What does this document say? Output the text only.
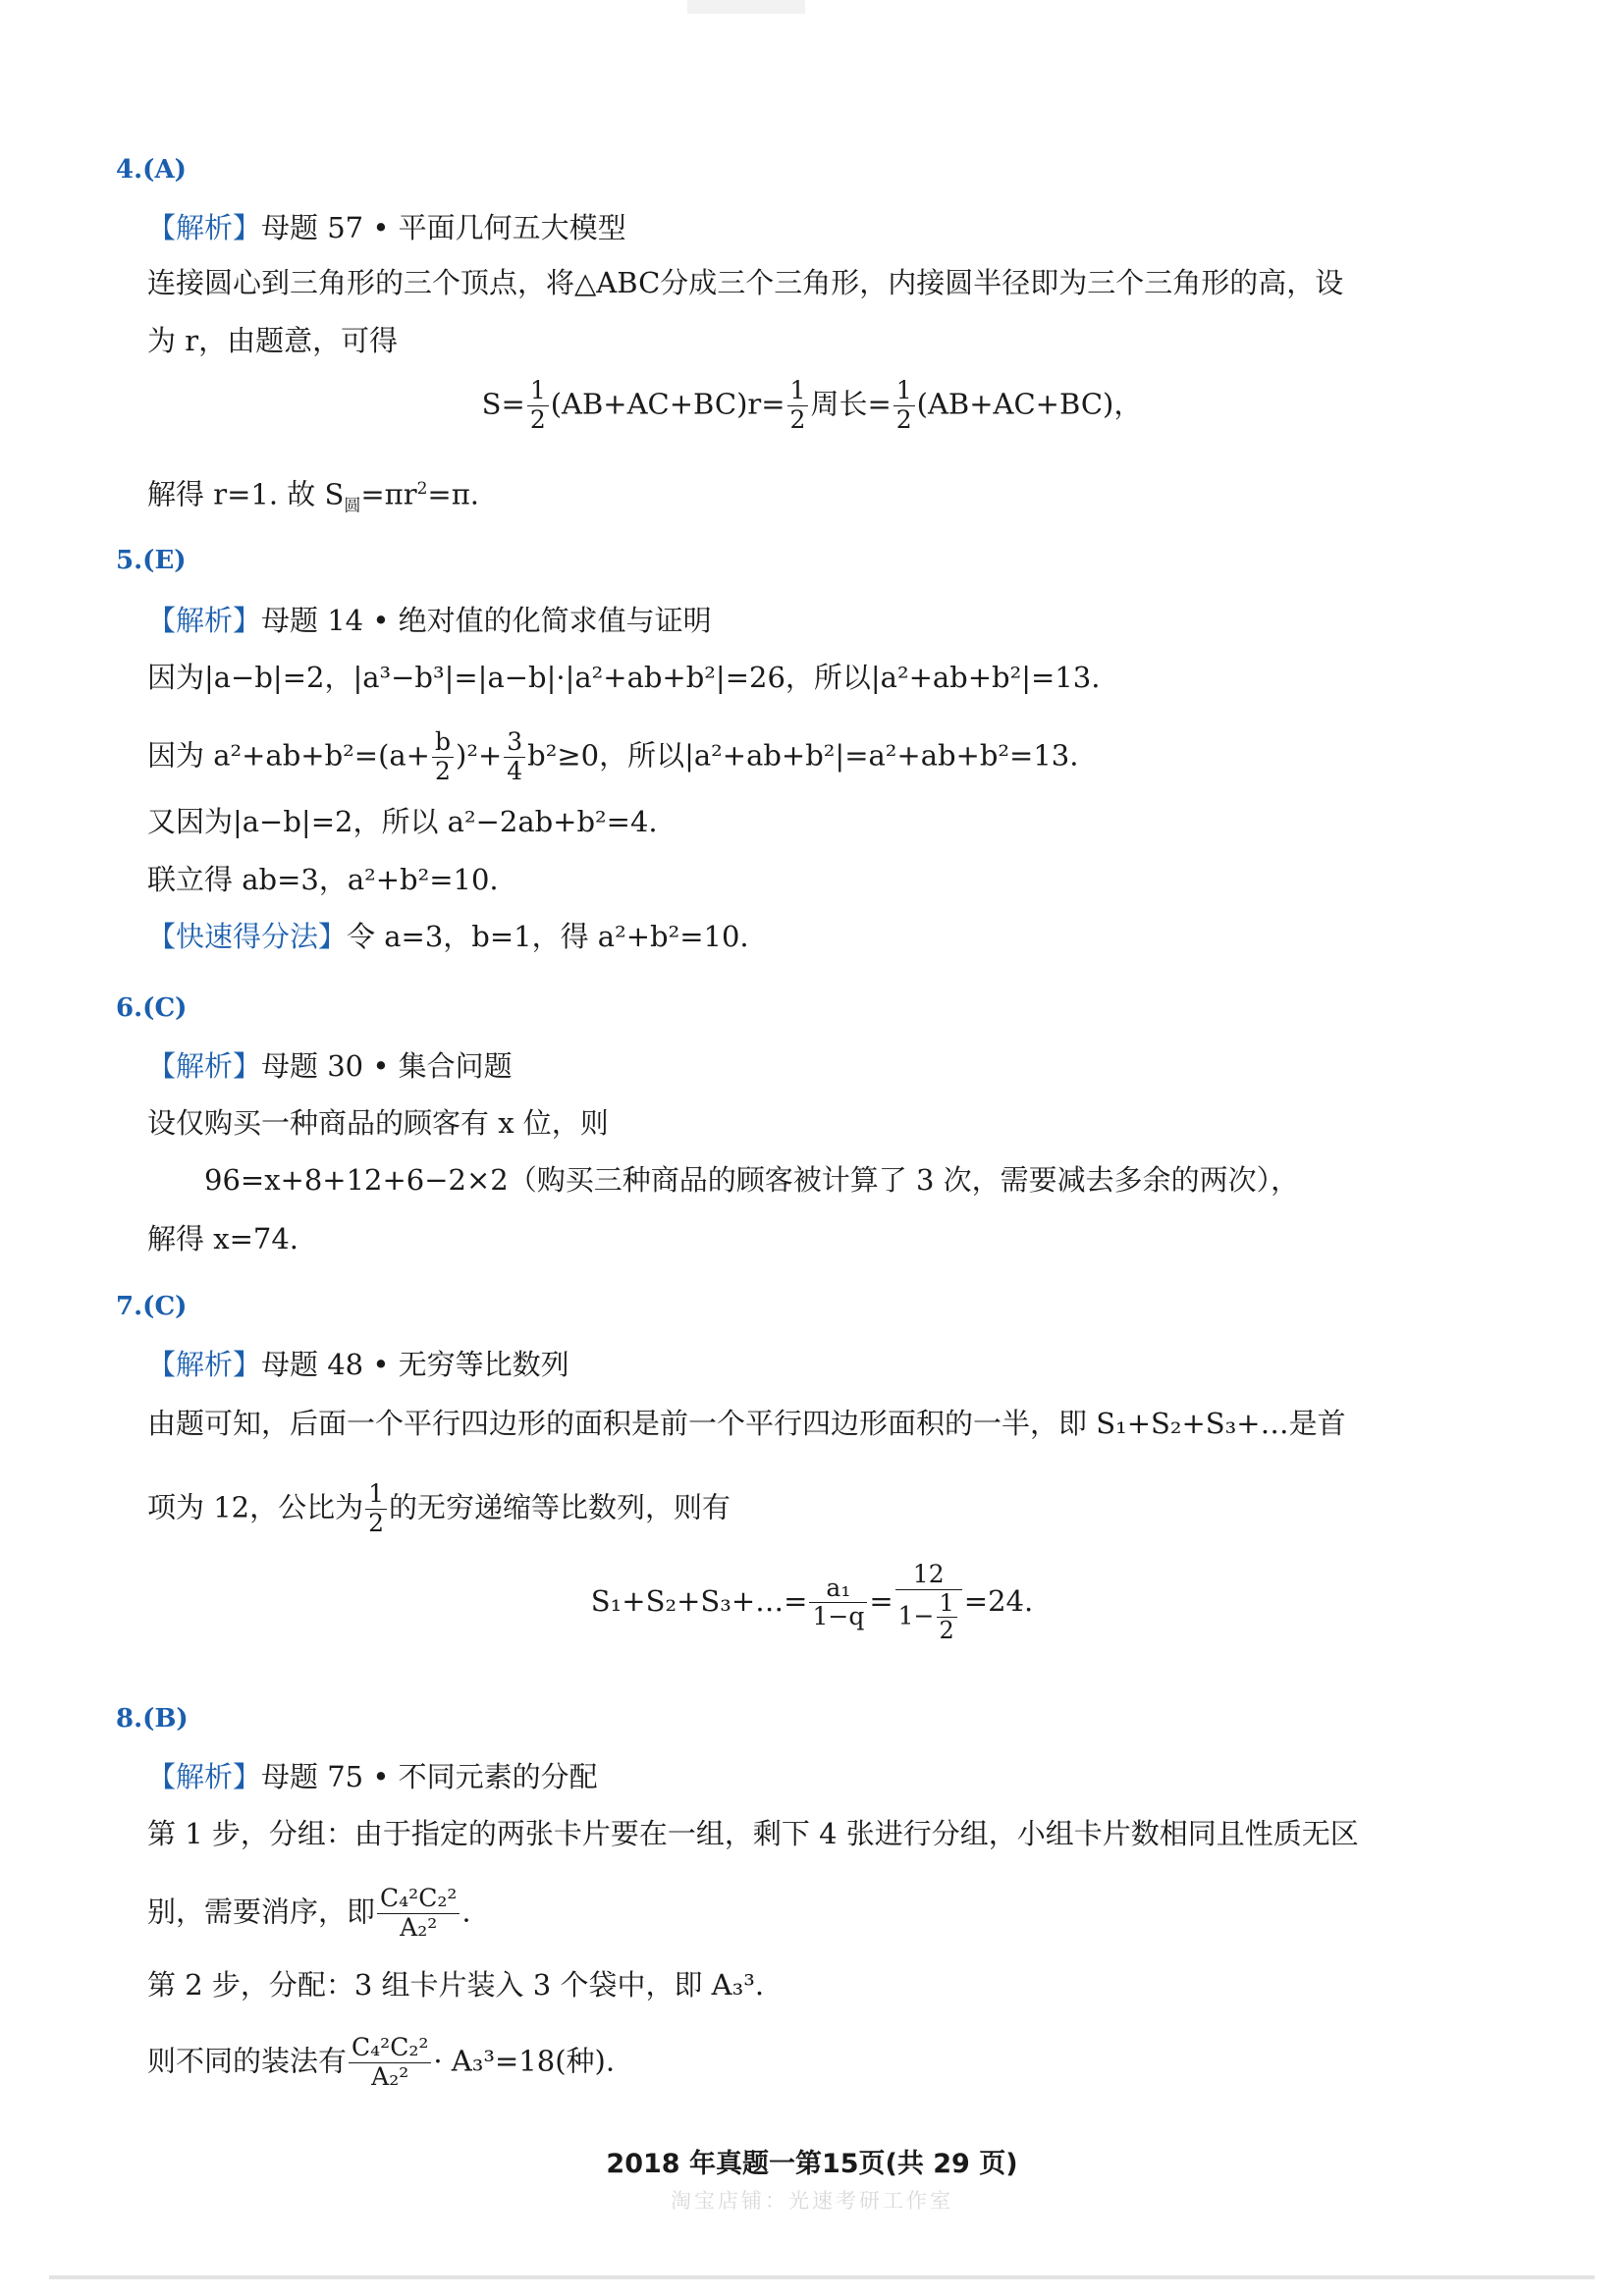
4.(A)
【解析】母题 57 • 平面几何五大模型
连接圆心到三角形的三个顶点，将△ABC分成三个三角形，内接圆半径即为三个三角形的高，设
为 r，由题意，可得
$S= \frac{1}{2} (AB+AC+BC)r= \frac{1}{2}$ 周长= $\frac{1}{2} (AB+AC+BC)$，
解得 r=1. 故 $S_圆=\pi r^2=\pi$.
5.(E)
【解析】母题 14 • 绝对值的化简求值与证明
因为|a−b|=2，|a³−b³|=|a−b|·|a²+ab+b²|=26，所以|a²+ab+b²|=13.
因为 $a^2+ab+b^2=(a+ \frac{b}{2} )^2+ \frac{3}{4} b^2\ge 0$，所以|a²+ab+b²|=a²+ab+b²=13.
又因为|a−b|=2，所以 a²−2ab+b²=4.
联立得 ab=3，a²+b²=10.
【快速得分法】令 a=3，b=1，得 a²+b²=10.
6.(C)
【解析】母题 30 • 集合问题
设仅购买一种商品的顾客有 x 位，则
96=x+8+12+6−2×2（购买三种商品的顾客被计算了 3 次，需要减去多余的两次），
解得 x=74.
7.(C)
【解析】母题 48 • 无穷等比数列
由题可知，后面一个平行四边形的面积是前一个平行四边形面积的一半，即 S₁+S₂+S₃+…是首
项为 12，公比为 $\frac{1}{2}$ 的无穷递缩等比数列，则有
S₁+S₂+S₃+…= $\frac{\text{a₁}}{1-q} = \frac{12}{1- \frac{1}{2}} =24$.
8.(B)
【解析】母题 75 • 不同元素的分配
第 1 步，分组：由于指定的两张卡片要在一组，剩下 4 张进行分组，小组卡片数相同且性质无区
别，需要消序，即 $\frac{\text{C₄²C₂²}}{\text{A₂²}}$ .
第 2 步，分配：3 组卡片装入 3 个袋中，即 A₃³.
则不同的装法有 $\frac{\text{C₄²C₂²}}{\text{A₂²}} \cdot A_3^3=18$(种).
2018 年真题一第15页(共 29 页)
淘宝店铺：光速考研工作室
